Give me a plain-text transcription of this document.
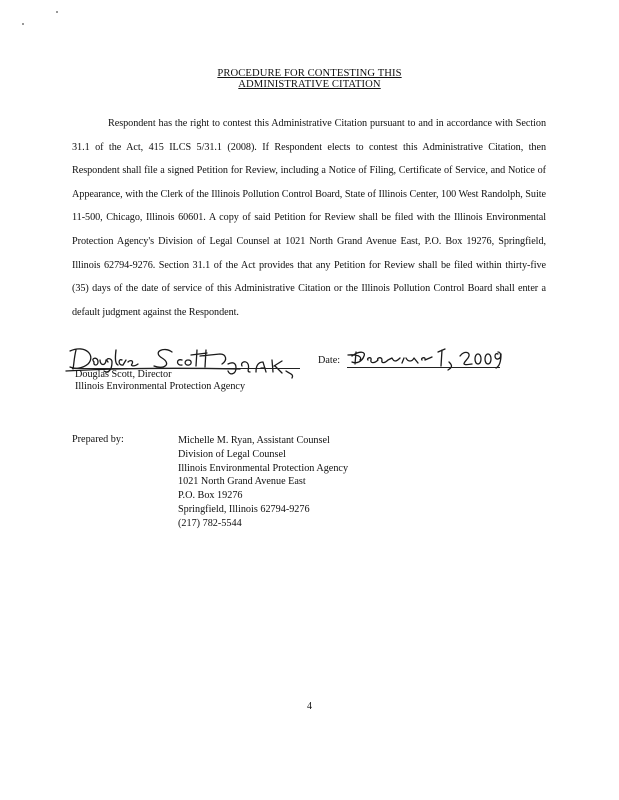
PROCEDURE FOR CONTESTING THIS
ADMINISTRATIVE CITATION
Respondent has the right to contest this Administrative Citation pursuant to and in accordance with Section 31.1 of the Act, 415 ILCS 5/31.1 (2008). If Respondent elects to contest this Administrative Citation, then Respondent shall file a signed Petition for Review, including a Notice of Filing, Certificate of Service, and Notice of Appearance, with the Clerk of the Illinois Pollution Control Board, State of Illinois Center, 100 West Randolph, Suite 11-500, Chicago, Illinois 60601. A copy of said Petition for Review shall be filed with the Illinois Environmental Protection Agency's Division of Legal Counsel at 1021 North Grand Avenue East, P.O. Box 19276, Springfield, Illinois 62794-9276. Section 31.1 of the Act provides that any Petition for Review shall be filed within thirty-five (35) days of the date of service of this Administrative Citation or the Illinois Pollution Control Board shall enter a default judgment against the Respondent.
Douglas Scott, Director
Illinois Environmental Protection Agency
Date:
Prepared by:	Michelle M. Ryan, Assistant Counsel
Division of Legal Counsel
Illinois Environmental Protection Agency
1021 North Grand Avenue East
P.O. Box 19276
Springfield, Illinois 62794-9276
(217) 782-5544
4
